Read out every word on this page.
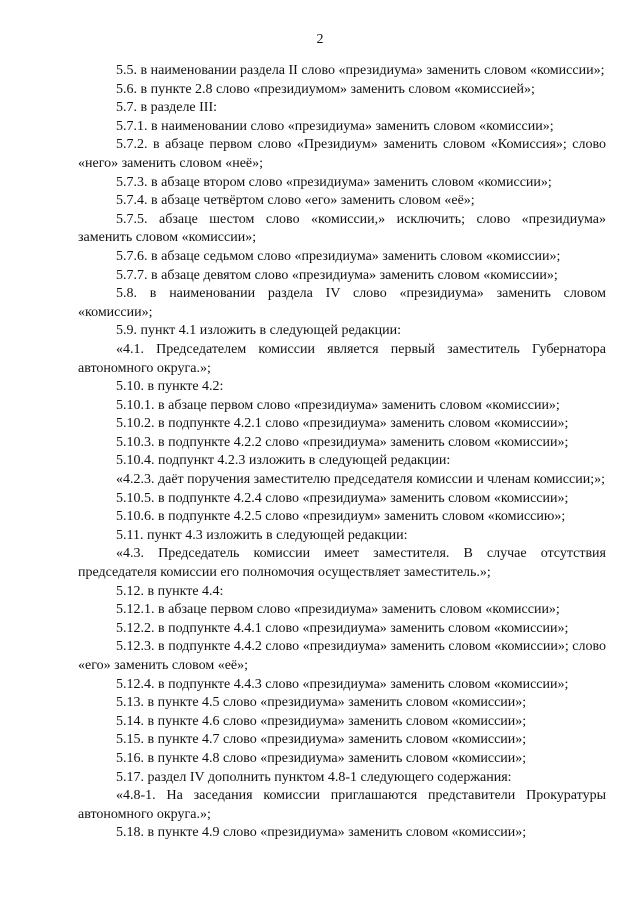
2

5.5. в наименовании раздела II слово «президиума» заменить словом «комиссии»;

5.6. в пункте 2.8 слово «президиумом» заменить словом «комиссией»;

5.7. в разделе III:

5.7.1. в наименовании слово «президиума» заменить словом «комиссии»;

5.7.2. в абзаце первом слово «Президиум» заменить словом «Комиссия»; слово «него» заменить словом «неё»;

5.7.3. в абзаце втором слово «президиума» заменить словом «комиссии»;

5.7.4. в абзаце четвёртом слово «его» заменить словом «её»;

5.7.5. абзаце шестом слово «комиссии,» исключить; слово «президиума» заменить словом «комиссии»;

5.7.6. в абзаце седьмом слово «президиума» заменить словом «комиссии»;

5.7.7. в абзаце девятом слово «президиума» заменить словом «комиссии»;

5.8. в наименовании раздела IV слово «президиума» заменить словом «комиссии»;

5.9. пункт 4.1 изложить в следующей редакции:

«4.1. Председателем комиссии является первый заместитель Губернатора автономного округа.»;

5.10. в пункте 4.2:

5.10.1. в абзаце первом слово «президиума» заменить словом «комиссии»;

5.10.2. в подпункте 4.2.1 слово «президиума» заменить словом «комиссии»;

5.10.3. в подпункте 4.2.2 слово «президиума» заменить словом «комиссии»;

5.10.4. подпункт 4.2.3 изложить в следующей редакции:

«4.2.3. даёт поручения заместителю председателя комиссии и членам комиссии;»;

5.10.5. в подпункте 4.2.4 слово «президиума» заменить словом «комиссии»;

5.10.6. в подпункте 4.2.5 слово «президиум» заменить словом «комиссию»;

5.11. пункт 4.3 изложить в следующей редакции:

«4.3. Председатель комиссии имеет заместителя. В случае отсутствия председателя комиссии его полномочия осуществляет заместитель.»;

5.12. в пункте 4.4:

5.12.1. в абзаце первом слово «президиума» заменить словом «комиссии»;

5.12.2. в подпункте 4.4.1 слово «президиума» заменить словом «комиссии»;

5.12.3. в подпункте 4.4.2 слово «президиума» заменить словом «комиссии»; слово «его» заменить словом «её»;

5.12.4. в подпункте 4.4.3 слово «президиума» заменить словом «комиссии»;

5.13. в пункте 4.5 слово «президиума» заменить словом «комиссии»;

5.14. в пункте 4.6 слово «президиума» заменить словом «комиссии»;

5.15. в пункте 4.7 слово «президиума» заменить словом «комиссии»;

5.16. в пункте 4.8 слово «президиума» заменить словом «комиссии»;

5.17. раздел IV дополнить пунктом 4.8-1 следующего содержания:

«4.8-1. На заседания комиссии приглашаются представители Прокуратуры автономного округа.»;

5.18. в пункте 4.9 слово «президиума» заменить словом «комиссии»;
